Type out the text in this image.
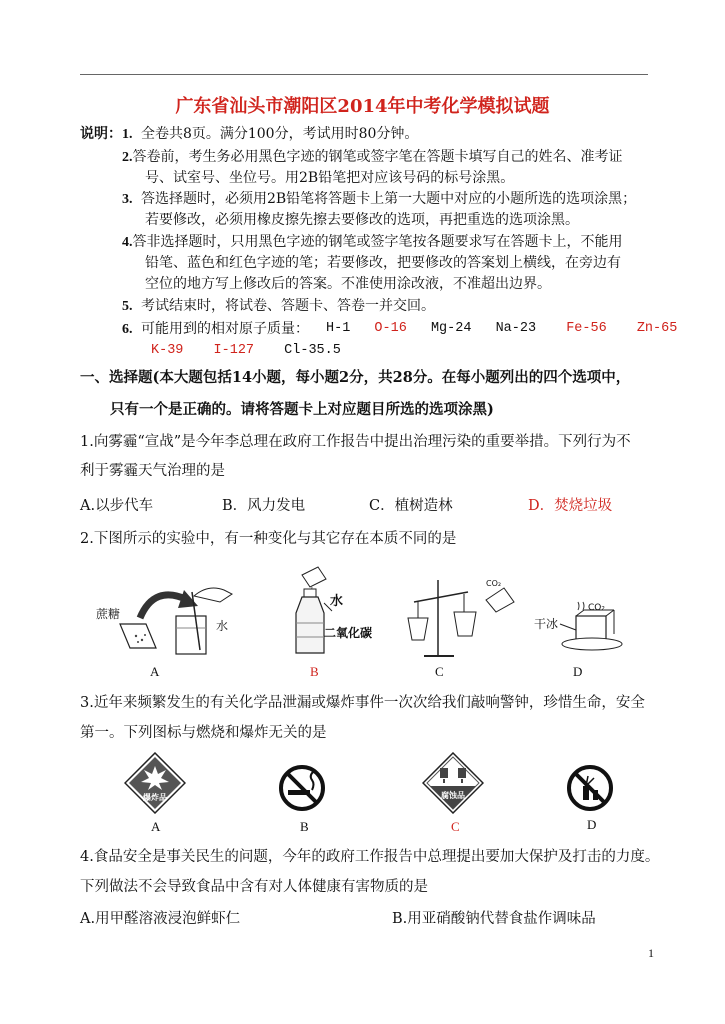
广东省汕头市潮阳区2014年中考化学模拟试题
说明： 1. 全卷共8页。满分100分，考试用时80分钟。
2.答卷前，考生务必用黑色字迹的钢笔或签字笔在答题卡填写自己的姓名、准考证
号、试室号、坐位号。用2B铅笔把对应该号码的标号涂黑。
3. 答选择题时，必须用2B铅笔将答题卡上第一大题中对应的小题所选的选项涂黑；
若要修改，必须用橡皮擦先擦去要修改的选项，再把重选的选项涂黑。
4.答非选择题时，只用黑色字迹的钢笔或签字笔按各题要求写在答题卡上，不能用
铅笔、蓝色和红色字迹的笔；若要修改，把要修改的答案划上横线，在旁边有
空位的地方写上修改后的答案。不准使用涂改液，不准超出边界。
5. 考试结束时，将试卷、答题卡、答卷一并交回。
6. 可能用到的相对原子质量： H-1 O-16 Mg-24 Na-23 Fe-56 Zn-65
K-39 I-127 Cl-35.5
一、选择题(本大题包括14小题，每小题2分，共28分。在每小题列出的四个选项中，
只有一个是正确的。请将答题卡上对应题目所选的选项涂黑)
1.向雾霾“宣战”是今年李总理在政府工作报告中提出治理污染的重要举措。下列行为不
利于雾霾天气治理的是
A.以步代车	B．风力发电	C．植树造林	D．焚烧垃圾
2.下图所示的实验中，有一种变化与其它存在本质不同的是
蔗糖
水
水
二氧化碳
CO₂
干冰
CO₂
A	B	C	D
3.近年来频繁发生的有关化学品泄漏或爆炸事件一次次给我们敲响警钟，珍惜生命，安全
第一。下列图标与燃烧和爆炸无关的是
爆炸品	腐蚀品
A	B	C	D
4.食品安全是事关民生的问题，今年的政府工作报告中总理提出要加大保护及打击的力度。
下列做法不会导致食品中含有对人体健康有害物质的是
A.用甲醛溶液浸泡鲜虾仁	B.用亚硝酸钠代替食盐作调味品
1
